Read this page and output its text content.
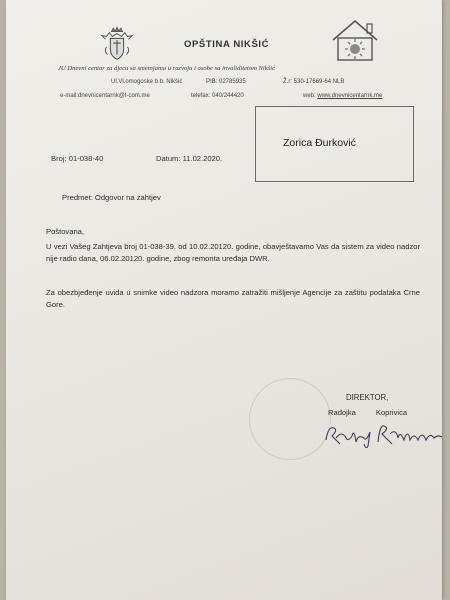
OPŠTINA NIKŠIĆ
JU Dnevni centar za djecu sa smetnjama u razvoju i osobe sa invaliditetom Nikšić
Ul.Vl.omogoske b.b. Nikšić	PIB: 02785935	Ž.r: 530-17669-64 NLB
e-mail:dnevnicentarnk@t-com.me	telefax: 040/244420	web: www.dnevnicentarnk.me
Zorica Đurković
Broj: 01-038-40	Datum: 11.02.2020.
Predmet: Odgovor na zahtjev
Poštovana,
U vezi Vašeg Zahtjeva broj 01-038-39. od 10.02.20120. godine, obavještavamo Vas da sistem za video nadzor nije radio dana, 06.02.20120. godine, zbog remonta uređaja DWR.
Za obezbjeđenje uvida u snimke video nadzora moramo zatražiti mišljenje Agencije za zaštitu podataka Crne Gore.
DIREKTOR,
Radojka	Koprivica
